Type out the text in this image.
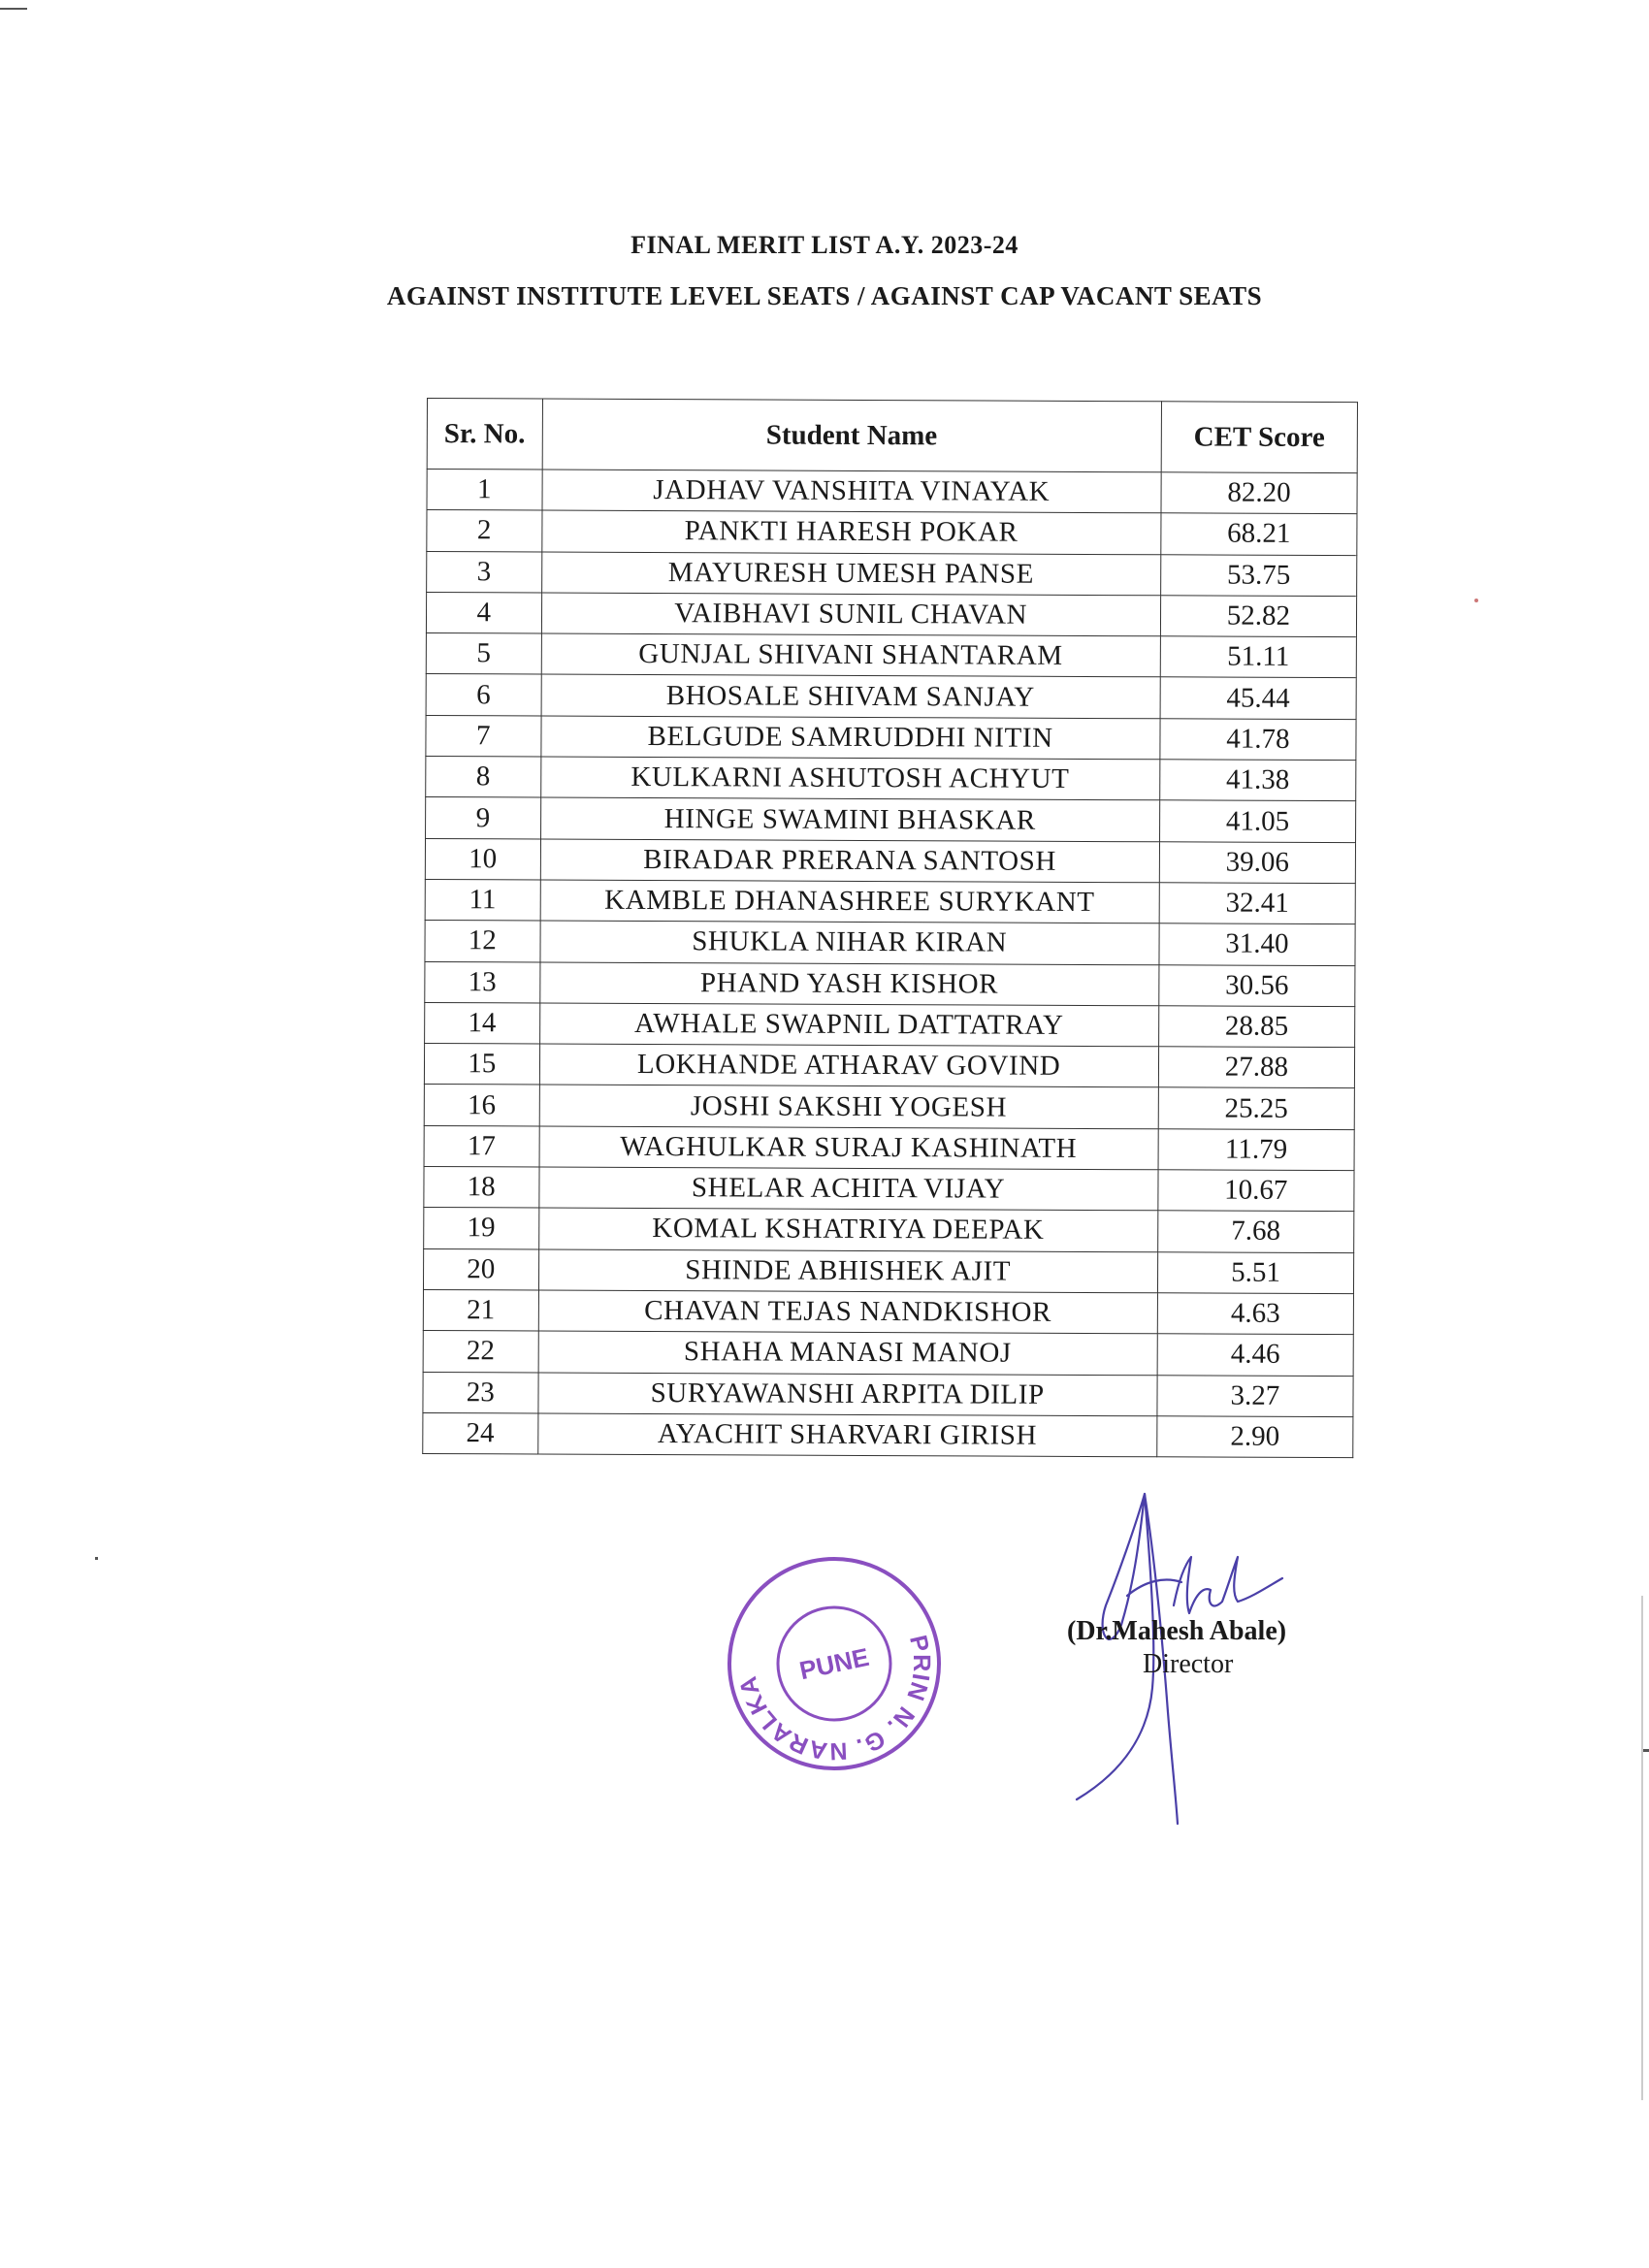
FINAL MERIT LIST A.Y. 2023-24
AGAINST INSTITUTE LEVEL SEATS / AGAINST CAP VACANT SEATS
Sr. No.	Student Name	CET Score
1	JADHAV VANSHITA VINAYAK	82.20
2	PANKTI HARESH POKAR	68.21
3	MAYURESH UMESH PANSE	53.75
4	VAIBHAVI SUNIL CHAVAN	52.82
5	GUNJAL SHIVANI SHANTARAM	51.11
6	BHOSALE SHIVAM SANJAY	45.44
7	BELGUDE SAMRUDDHI NITIN	41.78
8	KULKARNI ASHUTOSH ACHYUT	41.38
9	HINGE SWAMINI BHASKAR	41.05
10	BIRADAR PRERANA SANTOSH	39.06
11	KAMBLE DHANASHREE SURYKANT	32.41
12	SHUKLA NIHAR KIRAN	31.40
13	PHAND YASH KISHOR	30.56
14	AWHALE SWAPNIL DATTATRAY	28.85
15	LOKHANDE ATHARAV GOVIND	27.88
16	JOSHI SAKSHI YOGESH	25.25
17	WAGHULKAR SURAJ KASHINATH	11.79
18	SHELAR ACHITA VIJAY	10.67
19	KOMAL KSHATRIYA DEEPAK	7.68
20	SHINDE ABHISHEK AJIT	5.51
21	CHAVAN TEJAS NANDKISHOR	4.63
22	SHAHA MANASI MANOJ	4.46
23	SURYAWANSHI ARPITA DILIP	3.27
24	AYACHIT SHARVARI GIRISH	2.90
PRIN N. G. NARALKAR
PUNE
(Dr.Mahesh Abale)
Director
